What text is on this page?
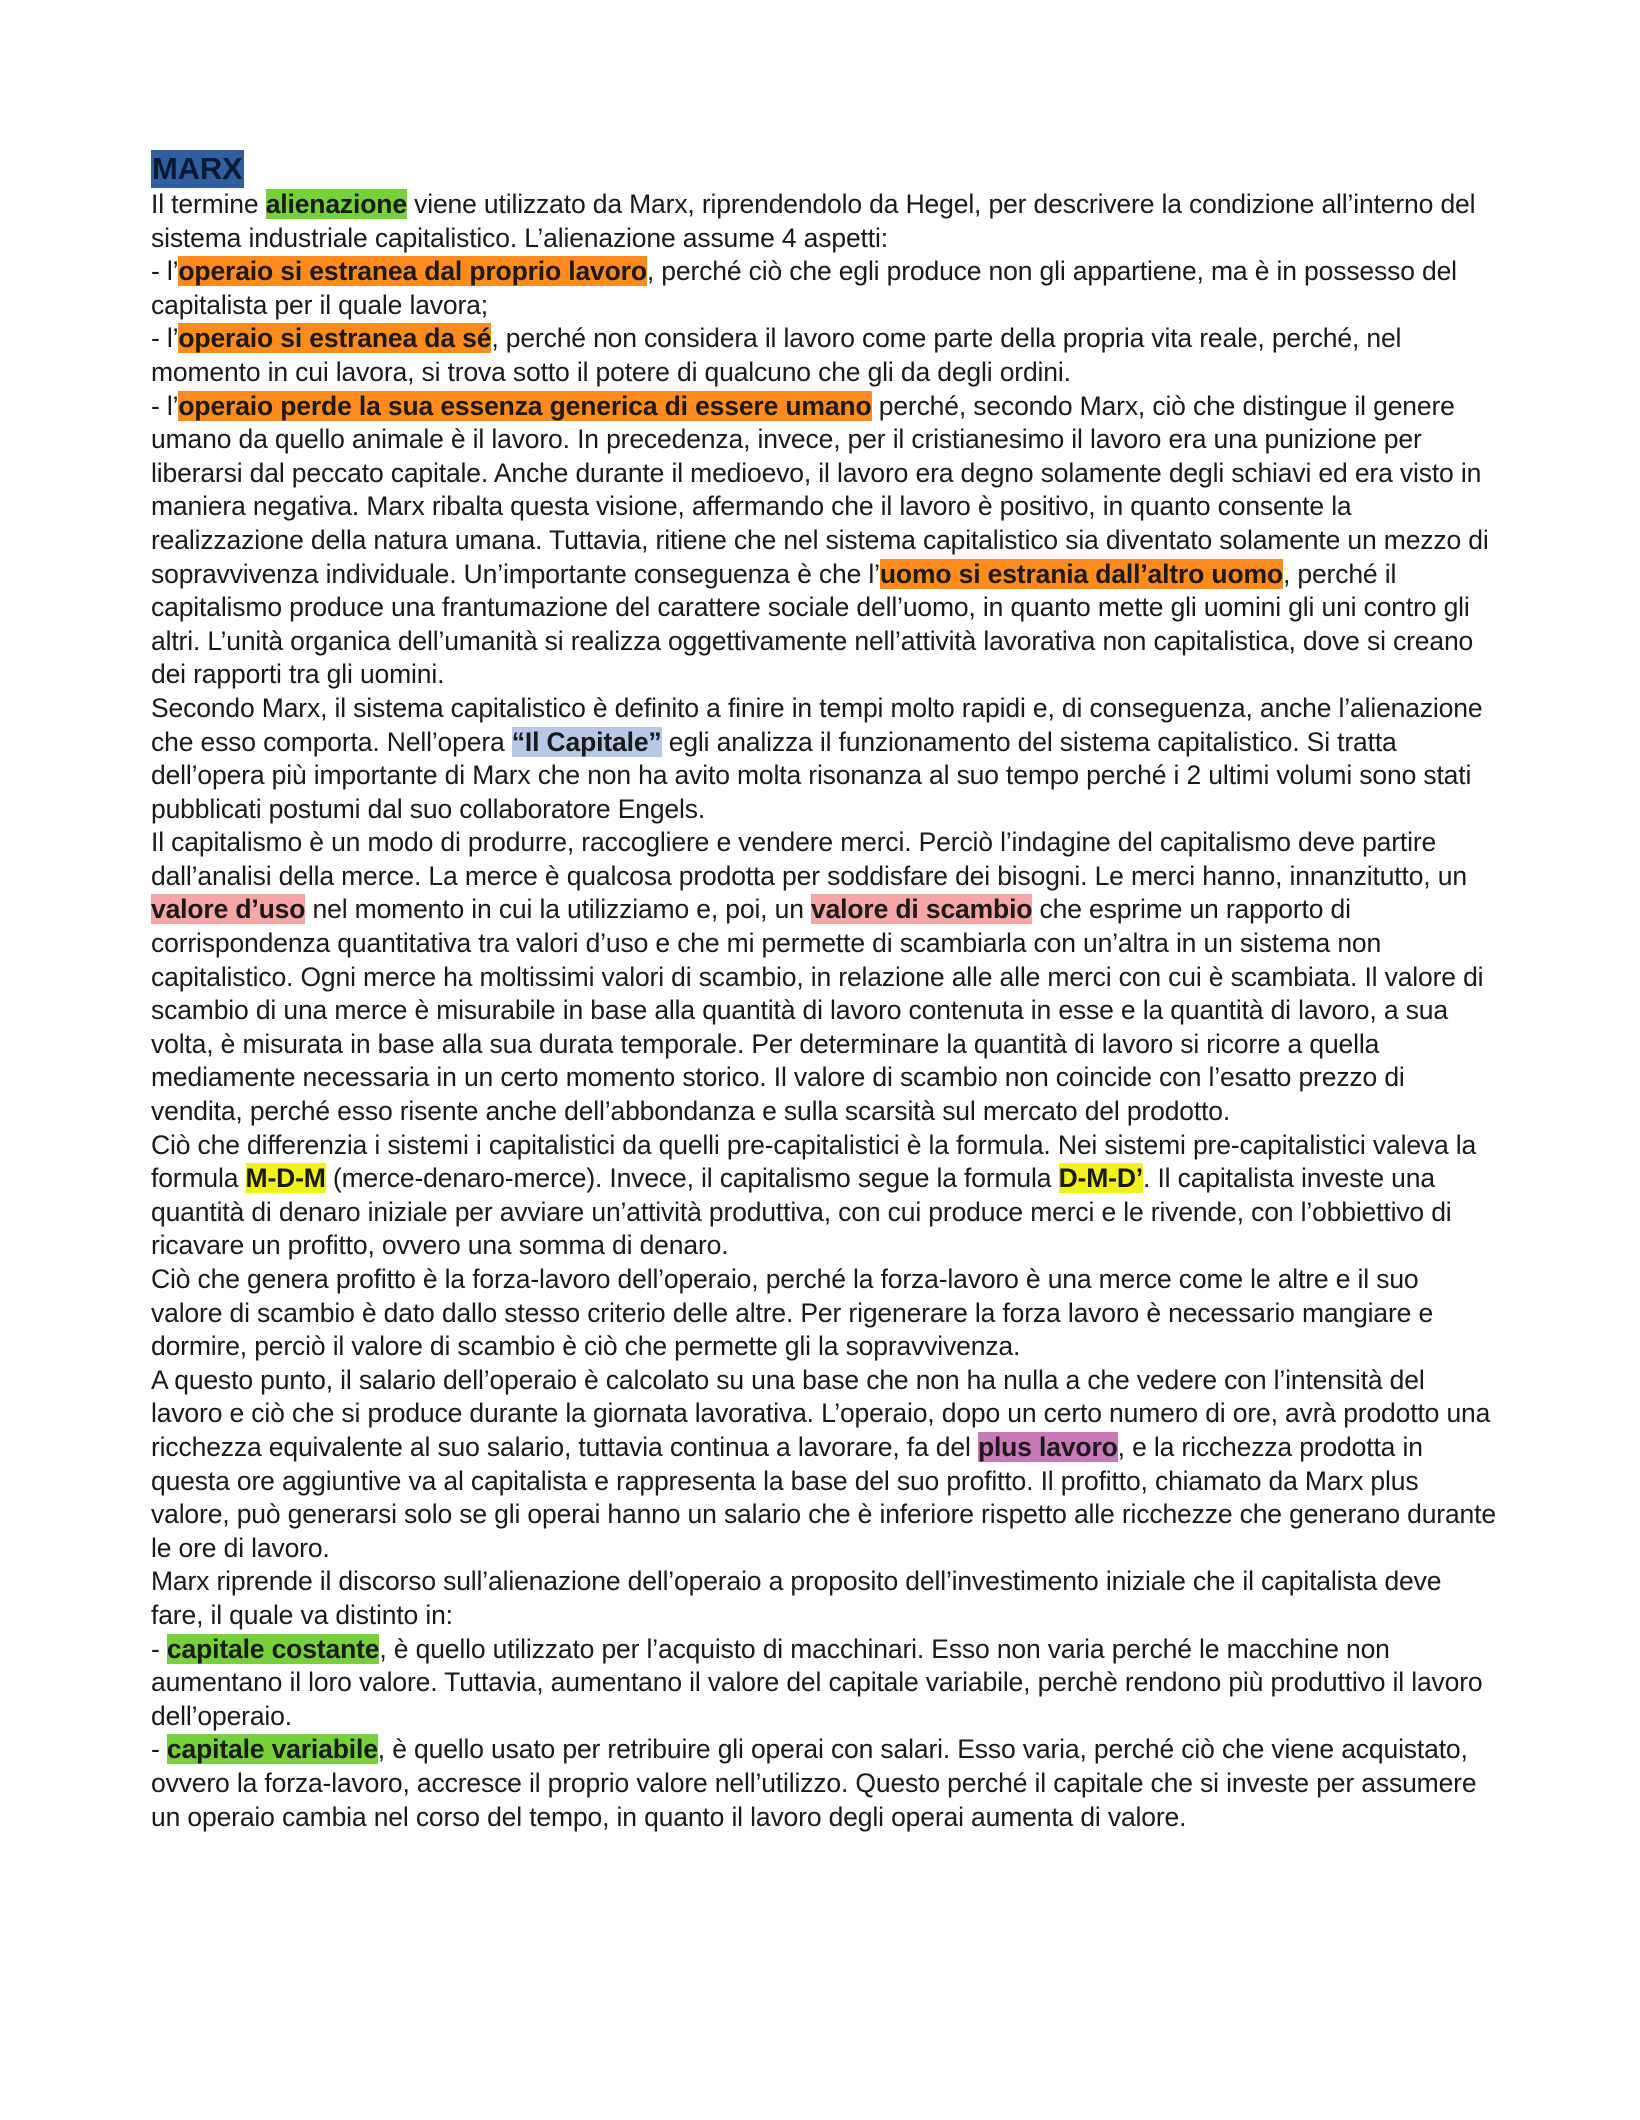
MARX

Il termine alienazione viene utilizzato da Marx, riprendendolo da Hegel, per descrivere la condizione all’interno del sistema industriale capitalistico. L’alienazione assume 4 aspetti:

- l’operaio si estranea dal proprio lavoro, perché ciò che egli produce non gli appartiene, ma è in possesso del capitalista per il quale lavora;

- l’operaio si estranea da sé, perché non considera il lavoro come parte della propria vita reale, perché, nel momento in cui lavora, si trova sotto il potere di qualcuno che gli da degli ordini.

- l’operaio perde la sua essenza generica di essere umano perché, secondo Marx, ciò che distingue il genere umano da quello animale è il lavoro. In precedenza, invece, per il cristianesimo il lavoro era una punizione per liberarsi dal peccato capitale. Anche durante il medioevo, il lavoro era degno solamente degli schiavi ed era visto in maniera negativa. Marx ribalta questa visione, affermando che il lavoro è positivo, in quanto consente la realizzazione della natura umana. Tuttavia, ritiene che nel sistema capitalistico sia diventato solamente un mezzo di sopravvivenza individuale. Un’importante conseguenza è che l’uomo si estrania dall’altro uomo, perché il capitalismo produce una frantumazione del carattere sociale dell’uomo, in quanto mette gli uomini gli uni contro gli altri. L’unità organica dell’umanità si realizza oggettivamente nell’attività lavorativa non capitalistica, dove si creano dei rapporti tra gli uomini.

Secondo Marx, il sistema capitalistico è definito a finire in tempi molto rapidi e, di conseguenza, anche l’alienazione che esso comporta. Nell’opera “Il Capitale” egli analizza il funzionamento del sistema capitalistico. Si tratta dell’opera più importante di Marx che non ha avito molta risonanza al suo tempo perché i 2 ultimi volumi sono stati pubblicati postumi dal suo collaboratore Engels.

Il capitalismo è un modo di produrre, raccogliere e vendere merci. Perciò l’indagine del capitalismo deve partire dall’analisi della merce. La merce è qualcosa prodotta per soddisfare dei bisogni. Le merci hanno, innanzitutto, un valore d’uso nel momento in cui la utilizziamo e, poi, un valore di scambio che esprime un rapporto di corrispondenza quantitativa tra valori d’uso e che mi permette di scambiarla con un’altra in un sistema non capitalistico. Ogni merce ha moltissimi valori di scambio, in relazione alle alle merci con cui è scambiata. Il valore di scambio di una merce è misurabile in base alla quantità di lavoro contenuta in esse e la quantità di lavoro, a sua volta, è misurata in base alla sua durata temporale. Per determinare la quantità di lavoro si ricorre a quella mediamente necessaria in un certo momento storico. Il valore di scambio non coincide con l’esatto prezzo di vendita, perché esso risente anche dell’abbondanza e sulla scarsità sul mercato del prodotto.

Ciò che differenzia i sistemi i capitalistici da quelli pre-capitalistici è la formula. Nei sistemi pre-capitalistici valeva la formula M-D-M (merce-denaro-merce). Invece, il capitalismo segue la formula D-M-D’. Il capitalista investe una quantità di denaro iniziale per avviare un’attività produttiva, con cui produce merci e le rivende, con l’obbiettivo di ricavare un profitto, ovvero una somma di denaro.

Ciò che genera profitto è la forza-lavoro dell’operaio, perché la forza-lavoro è una merce come le altre e il suo valore di scambio è dato dallo stesso criterio delle altre. Per rigenerare la forza lavoro è necessario mangiare e dormire, perciò il valore di scambio è ciò che permette gli la sopravvivenza.

A questo punto, il salario dell’operaio è calcolato su una base che non ha nulla a che vedere con l’intensità del lavoro e ciò che si produce durante la giornata lavorativa. L’operaio, dopo un certo numero di ore, avrà prodotto una ricchezza equivalente al suo salario, tuttavia continua a lavorare, fa del plus lavoro, e la ricchezza prodotta in questa ore aggiuntive va al capitalista e rappresenta la base del suo profitto. Il profitto, chiamato da Marx plus valore, può generarsi solo se gli operai hanno un salario che è inferiore rispetto alle ricchezze che generano durante le ore di lavoro.

Marx riprende il discorso sull’alienazione dell’operaio a proposito dell’investimento iniziale che il capitalista deve fare, il quale va distinto in:

- capitale costante, è quello utilizzato per l’acquisto di macchinari. Esso non varia perché le macchine non aumentano il loro valore. Tuttavia, aumentano il valore del capitale variabile, perchè rendono più produttivo il lavoro dell’operaio.

- capitale variabile, è quello usato per retribuire gli operai con salari. Esso varia, perché ciò che viene acquistato, ovvero la forza-lavoro, accresce il proprio valore nell’utilizzo. Questo perché il capitale che si investe per assumere un operaio cambia nel corso del tempo, in quanto il lavoro degli operai aumenta di valore.
